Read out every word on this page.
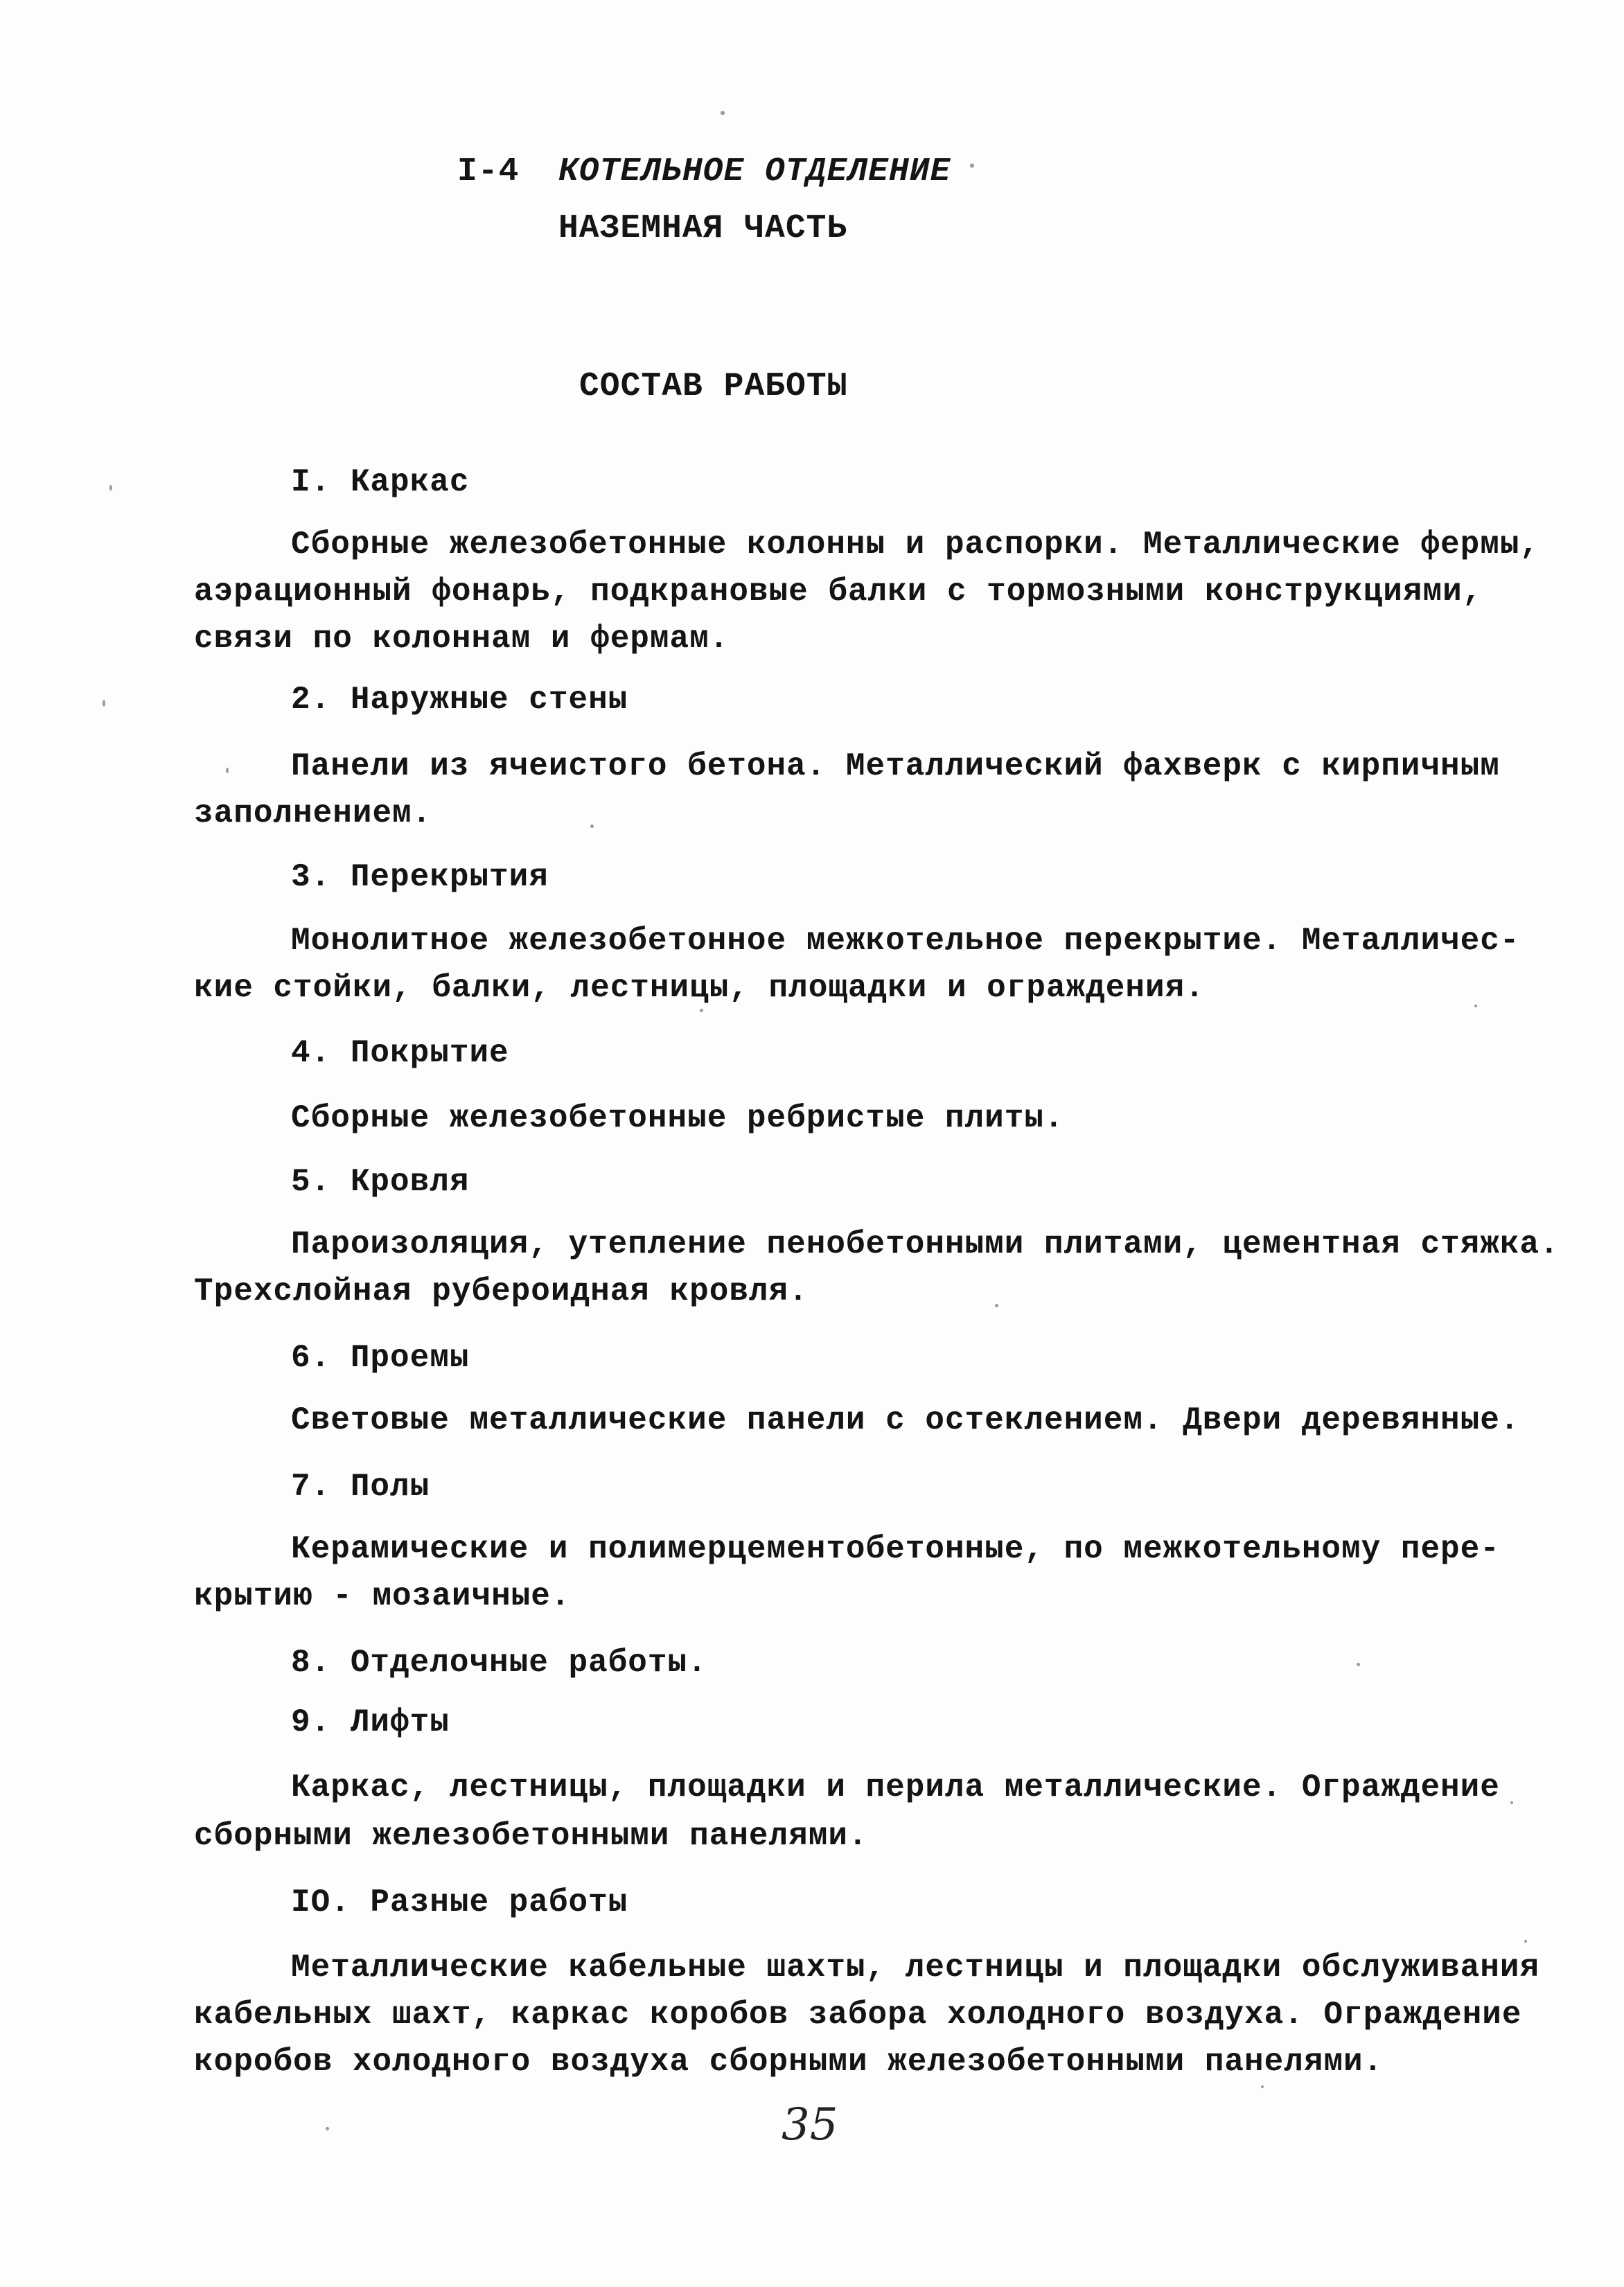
I-4 КОТЕЛЬНОЕ ОТДЕЛЕНИЕ
НАЗЕМНАЯ ЧАСТЬ
СОСТАВ РАБОТЫ
I. Каркас
Сборные железобетонные колонны и распорки. Металлические фермы,
аэрационный фонарь, подкрановые балки с тормозными конструкциями,
связи по колоннам и фермам.
2. Наружные стены
Панели из ячеистого бетона. Металлический фахверк с кирпичным
заполнением.
3. Перекрытия
Монолитное железобетонное межкотельное перекрытие. Металличес-
кие стойки, балки, лестницы, площадки и ограждения.
4. Покрытие
Сборные железобетонные ребристые плиты.
5. Кровля
Пароизоляция, утепление пенобетонными плитами, цементная стяжка.
Трехслойная рубероидная кровля.
6. Проемы
Световые металлические панели с остеклением. Двери деревянные.
7. Полы
Керамические и полимерцементобетонные, по межкотельному пере-
крытию - мозаичные.
8. Отделочные работы.
9. Лифты
Каркас, лестницы, площадки и перила металлические. Ограждение
сборными железобетонными панелями.
IO. Разные работы
Металлические кабельные шахты, лестницы и площадки обслуживания
кабельных шахт, каркас коробов забора холодного воздуха. Ограждение
коробов холодного воздуха сборными железобетонными панелями.
35
